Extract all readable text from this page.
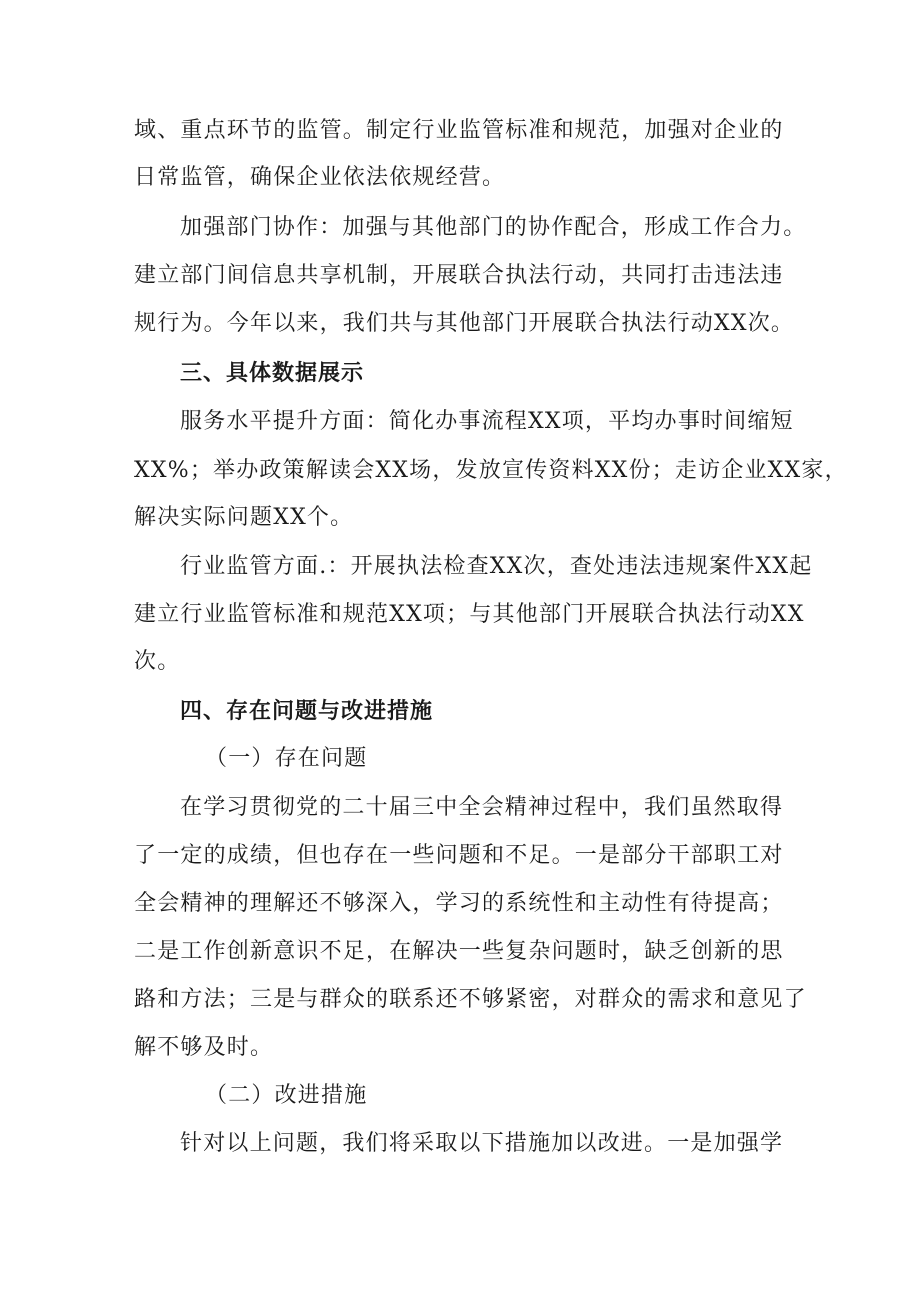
域、重点环节的监管。制定行业监管标准和规范，加强对企业的
日常监管，确保企业依法依规经营。
加强部门协作：加强与其他部门的协作配合，形成工作合力。
建立部门间信息共享机制，开展联合执法行动，共同打击违法违
规行为。今年以来，我们共与其他部门开展联合执法行动XX次。
三、具体数据展示
服务水平提升方面：简化办事流程XX项，平均办事时间缩短
XX%；举办政策解读会XX场，发放宣传资料XX份；走访企业XX家，
解决实际问题XX个。
行业监管方面.：开展执法检查XX次，查处违法违规案件XX起
建立行业监管标准和规范XX项；与其他部门开展联合执法行动XX
次。
四、存在问题与改进措施
（一）存在问题
在学习贯彻党的二十届三中全会精神过程中，我们虽然取得
了一定的成绩，但也存在一些问题和不足。一是部分干部职工对
全会精神的理解还不够深入，学习的系统性和主动性有待提高；
二是工作创新意识不足，在解决一些复杂问题时，缺乏创新的思
路和方法；三是与群众的联系还不够紧密，对群众的需求和意见了
解不够及时。
（二）改进措施
针对以上问题，我们将采取以下措施加以改进。一是加强学
